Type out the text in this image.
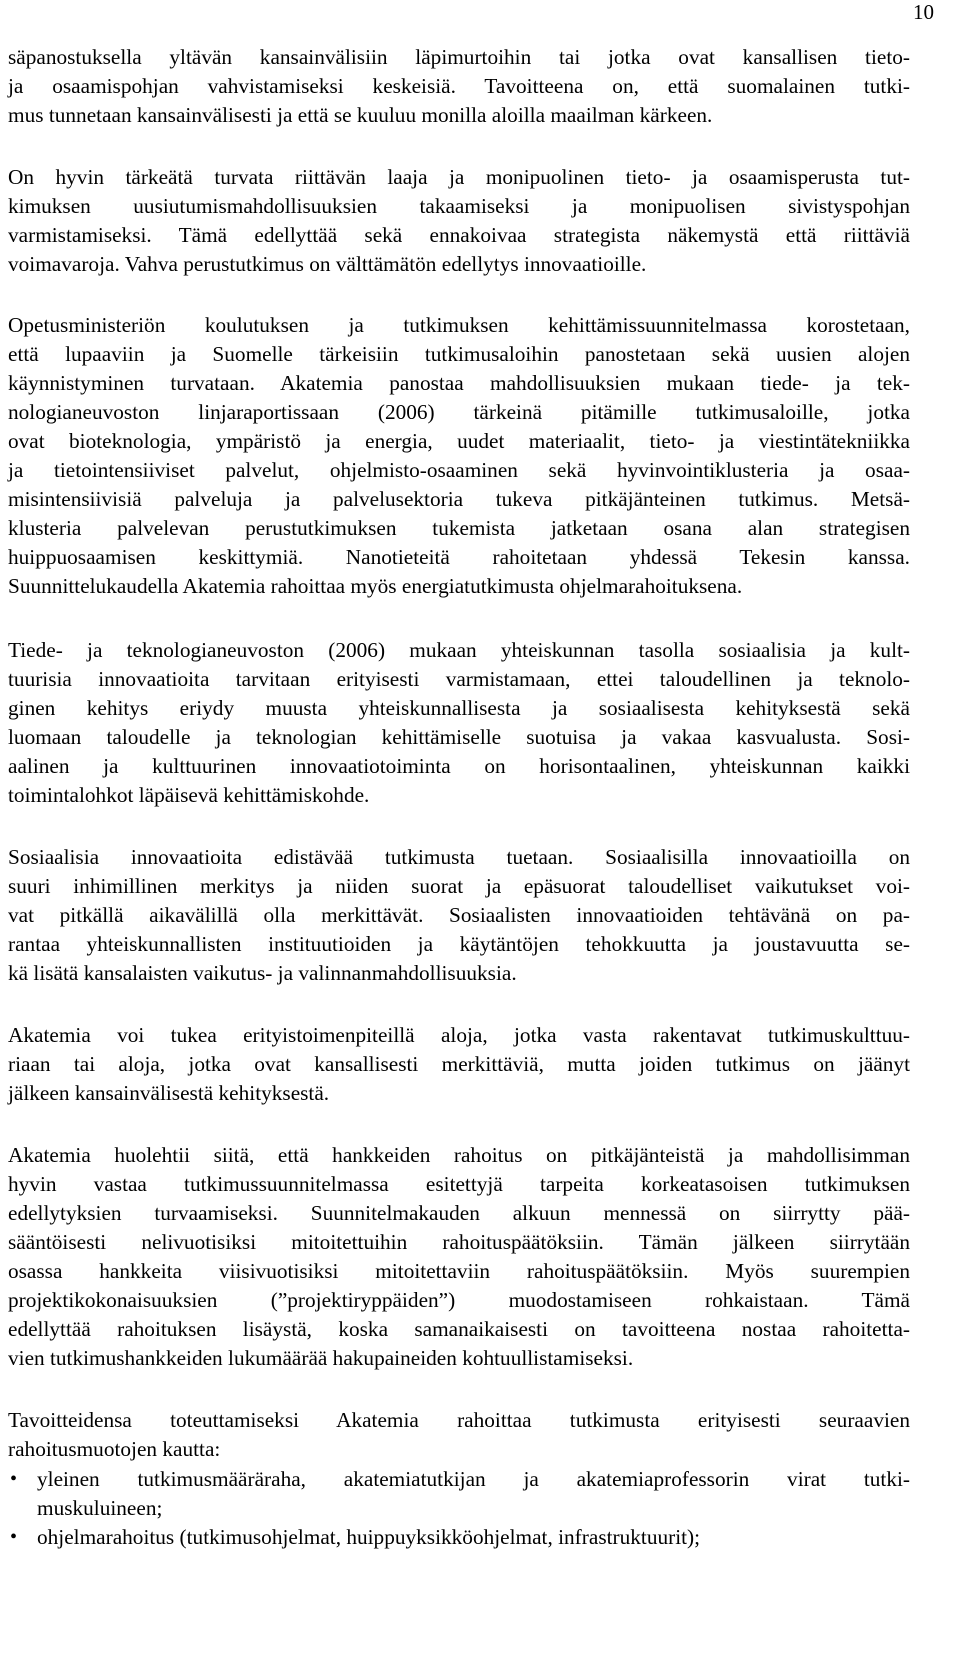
10
säpanostuksella yltävän kansainvälisiin läpimurtoihin tai jotka ovat kansallisen tieto-
ja osaamispohjan vahvistamiseksi keskeisiä. Tavoitteena on, että suomalainen tutki-
mus tunnetaan kansainvälisesti ja että se kuuluu monilla aloilla maailman kärkeen.
On hyvin tärkeätä turvata riittävän laaja ja monipuolinen tieto- ja osaamisperusta tut-
kimuksen uusiutumismahdollisuuksien takaamiseksi ja monipuolisen sivistyspohjan
varmistamiseksi. Tämä edellyttää sekä ennakoivaa strategista näkemystä että riittäviä
voimavaroja. Vahva perustutkimus on välttämätön edellytys innovaatioille.
Opetusministeriön koulutuksen ja tutkimuksen kehittämissuunnitelmassa korostetaan,
että lupaaviin ja Suomelle tärkeisiin tutkimusaloihin panostetaan sekä uusien alojen
käynnistyminen turvataan. Akatemia panostaa mahdollisuuksien mukaan tiede- ja tek-
nologianeuvoston linjaraportissaan (2006) tärkeinä pitämille tutkimusaloille, jotka
ovat bioteknologia, ympäristö ja energia, uudet materiaalit, tieto- ja viestintätekniikka
ja tietointensiiviset palvelut, ohjelmisto-osaaminen sekä hyvinvointiklusteria ja osaa-
misintensiivisiä palveluja ja palvelusektoria tukeva pitkäjänteinen tutkimus. Metsä-
klusteria palvelevan perustutkimuksen tukemista jatketaan osana alan strategisen
huippuosaamisen keskittymiä. Nanotieteitä rahoitetaan yhdessä Tekesin kanssa.
Suunnittelukaudella Akatemia rahoittaa myös energiatutkimusta ohjelmarahoituksena.
Tiede- ja teknologianeuvoston (2006) mukaan yhteiskunnan tasolla sosiaalisia ja kult-
tuurisia innovaatioita tarvitaan erityisesti varmistamaan, ettei taloudellinen ja teknolo-
ginen kehitys eriydy muusta yhteiskunnallisesta ja sosiaalisesta kehityksestä sekä
luomaan taloudelle ja teknologian kehittämiselle suotuisa ja vakaa kasvualusta. Sosi-
aalinen ja kulttuurinen innovaatiotoiminta on horisontaalinen, yhteiskunnan kaikki
toimintalohkot läpäisevä kehittämiskohde.
Sosiaalisia innovaatioita edistävää tutkimusta tuetaan. Sosiaalisilla innovaatioilla on
suuri inhimillinen merkitys ja niiden suorat ja epäsuorat taloudelliset vaikutukset voi-
vat pitkällä aikavälillä olla merkittävät. Sosiaalisten innovaatioiden tehtävänä on pa-
rantaa yhteiskunnallisten instituutioiden ja käytäntöjen tehokkuutta ja joustavuutta se-
kä lisätä kansalaisten vaikutus- ja valinnanmahdollisuuksia.
Akatemia voi tukea erityistoimenpiteillä aloja, jotka vasta rakentavat tutkimuskulttuu-
riaan tai aloja, jotka ovat kansallisesti merkittäviä, mutta joiden tutkimus on jäänyt
jälkeen kansainvälisestä kehityksestä.
Akatemia huolehtii siitä, että hankkeiden rahoitus on pitkäjänteistä ja mahdollisimman
hyvin vastaa tutkimussuunnitelmassa esitettyjä tarpeita korkeatasoisen tutkimuksen
edellytyksien turvaamiseksi. Suunnitelmakauden alkuun mennessä on siirrytty pää-
sääntöisesti nelivuotisiksi mitoitettuihin rahoituspäätöksiin. Tämän jälkeen siirrytään
osassa hankkeita viisivuotisiksi mitoitettaviin rahoituspäätöksiin. Myös suurempien
projektikokonaisuuksien (”projektiryppäiden”) muodostamiseen rohkaistaan. Tämä
edellyttää rahoituksen lisäystä, koska samanaikaisesti on tavoitteena nostaa rahoitetta-
vien tutkimushankkeiden lukumäärää hakupaineiden kohtuullistamiseksi.
Tavoitteidensa toteuttamiseksi Akatemia rahoittaa tutkimusta erityisesti seuraavien
rahoitusmuotojen kautta:
• yleinen tutkimusmääräraha, akatemiatutkijan ja akatemiaprofessorin virat tutki-
muskuluineen;
• ohjelmarahoitus (tutkimusohjelmat, huippuyksikköohjelmat, infrastruktuurit);
